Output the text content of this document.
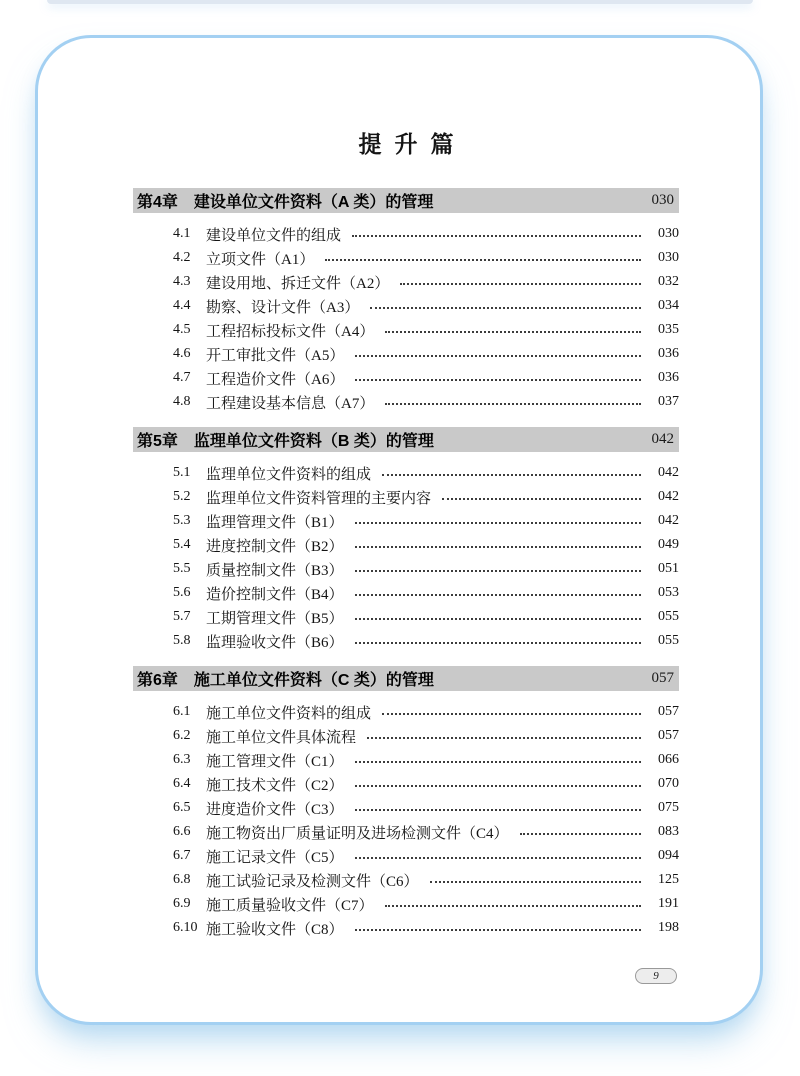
提升篇
第4章 建设单位文件资料（A 类）的管理	030
4.1	建设单位文件的组成	030
4.2	立项文件（A1）	030
4.3	建设用地、拆迁文件（A2）	032
4.4	勘察、设计文件（A3）	034
4.5	工程招标投标文件（A4）	035
4.6	开工审批文件（A5）	036
4.7	工程造价文件（A6）	036
4.8	工程建设基本信息（A7）	037
第5章 监理单位文件资料（B 类）的管理	042
5.1	监理单位文件资料的组成	042
5.2	监理单位文件资料管理的主要内容	042
5.3	监理管理文件（B1）	042
5.4	进度控制文件（B2）	049
5.5	质量控制文件（B3）	051
5.6	造价控制文件（B4）	053
5.7	工期管理文件（B5）	055
5.8	监理验收文件（B6）	055
第6章 施工单位文件资料（C 类）的管理	057
6.1	施工单位文件资料的组成	057
6.2	施工单位文件具体流程	057
6.3	施工管理文件（C1）	066
6.4	施工技术文件（C2）	070
6.5	进度造价文件（C3）	075
6.6	施工物资出厂质量证明及进场检测文件（C4）	083
6.7	施工记录文件（C5）	094
6.8	施工试验记录及检测文件（C6）	125
6.9	施工质量验收文件（C7）	191
6.10 施工验收文件（C8）	198
9
